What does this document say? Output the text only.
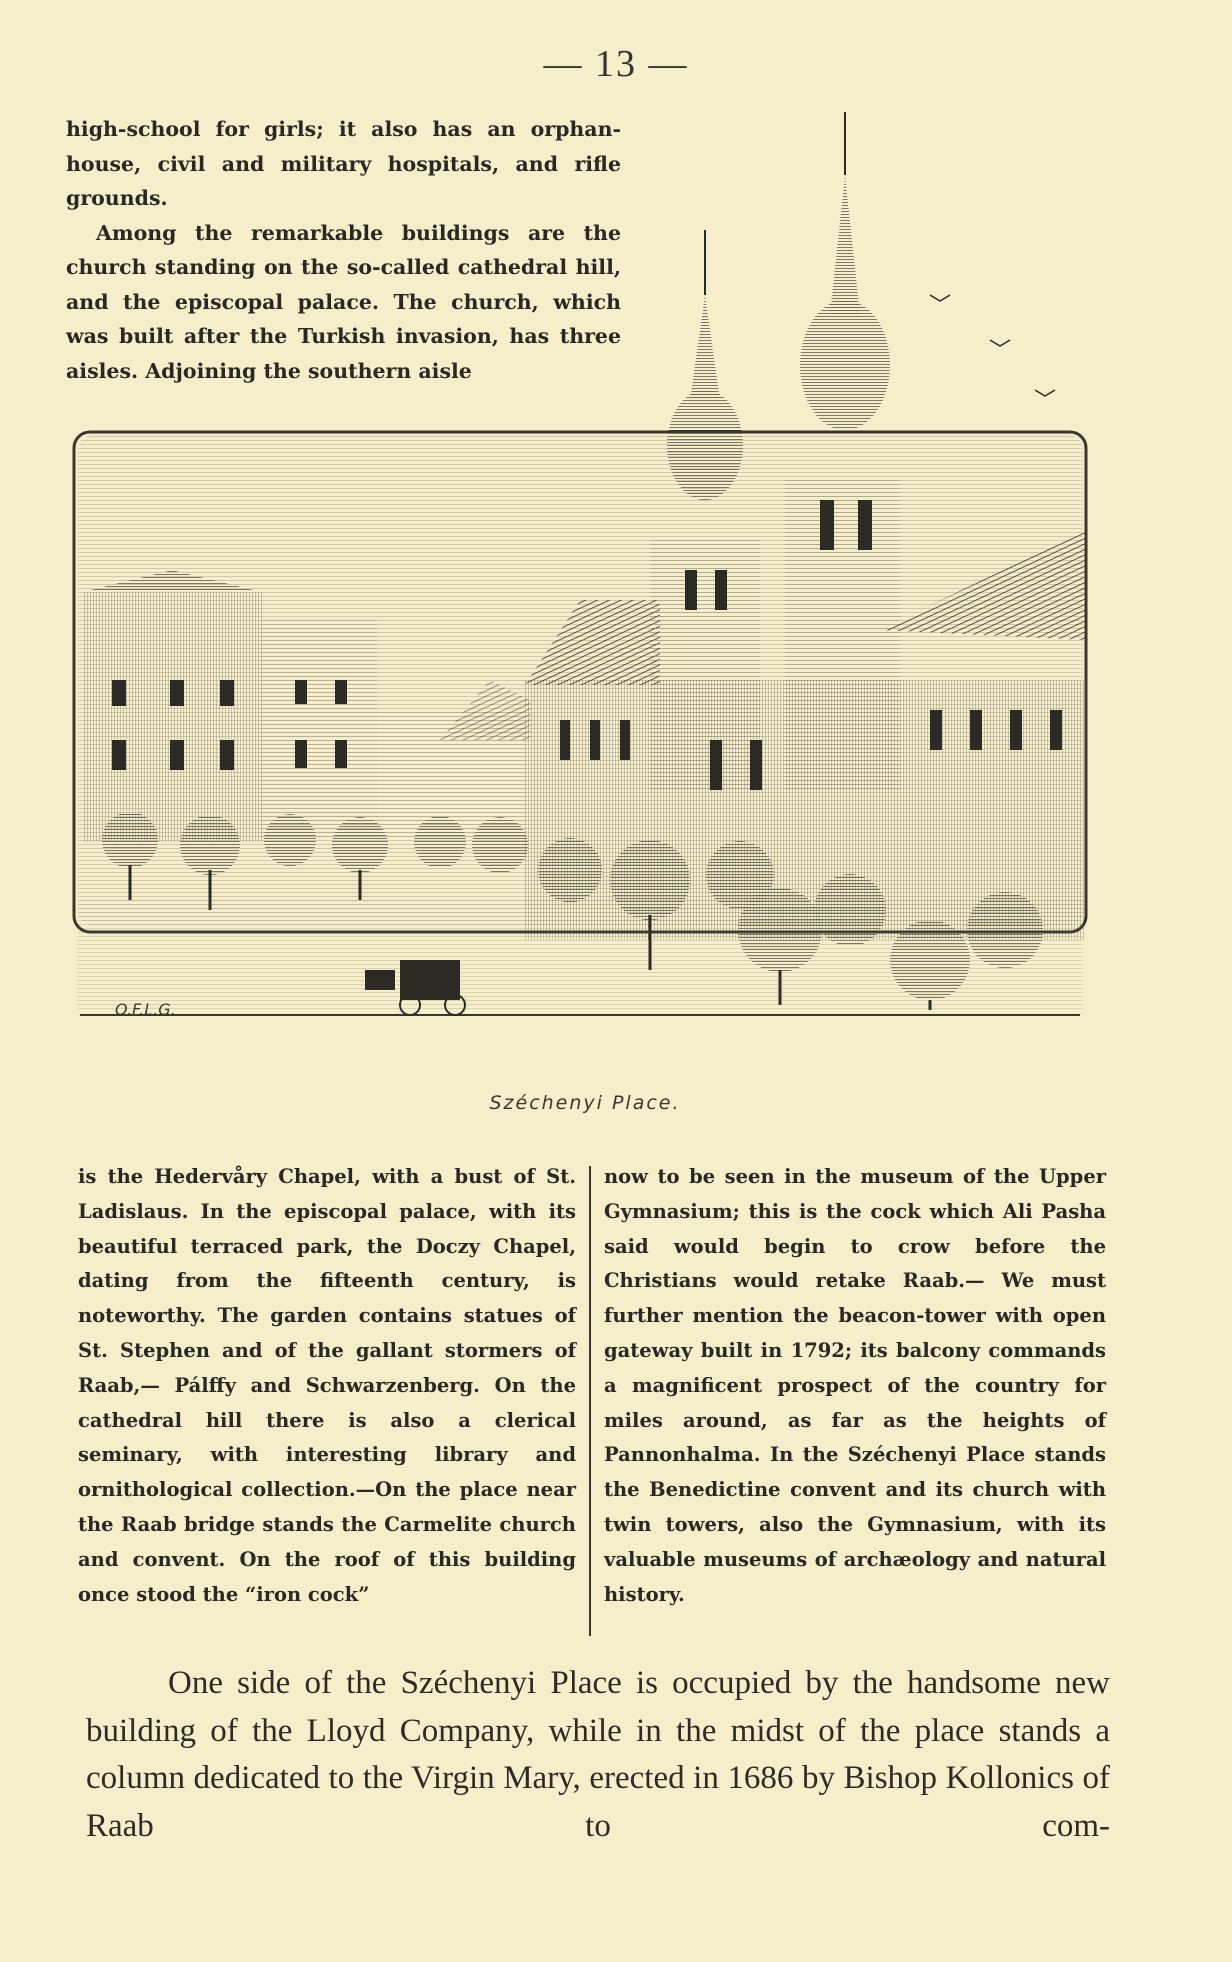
— 13 —
O.F.L.G.

high-school for girls; it also has an orphan-house, civil and military hospitals, and rifle grounds.

Among the remarkable buildings are the church standing on the so-called cathedral hill, and the episcopal palace. The church, which was built after the Turkish invasion, has three aisles. Adjoining the southern aisle

Széchenyi Place.

is the Hedervåry Chapel, with a bust of St. Ladislaus. In the episcopal palace, with its beautiful terraced park, the Doczy Chapel, dating from the fifteenth century, is noteworthy. The garden contains statues of St. Stephen and of the gallant stormers of Raab,— Pálffy and Schwarzenberg. On the cathedral hill there is also a clerical seminary, with interesting library and ornithological collection.—On the place near the Raab bridge stands the Carmelite church and convent. On the roof of this building once stood the “iron cock”

now to be seen in the museum of the Upper Gymnasium; this is the cock which Ali Pasha said would begin to crow before the Christians would retake Raab.— We must further mention the beacon-tower with open gateway built in 1792; its balcony commands a magnificent prospect of the country for miles around, as far as the heights of Pannonhalma. In the Széchenyi Place stands the Benedictine convent and its church with twin towers, also the Gymnasium, with its valuable museums of archæology and natural history.

One side of the Széchenyi Place is occupied by the handsome new building of the Lloyd Company, while in the midst of the place stands a column dedicated to the Virgin Mary, erected in 1686 by Bishop Kollonics of Raab to com-
